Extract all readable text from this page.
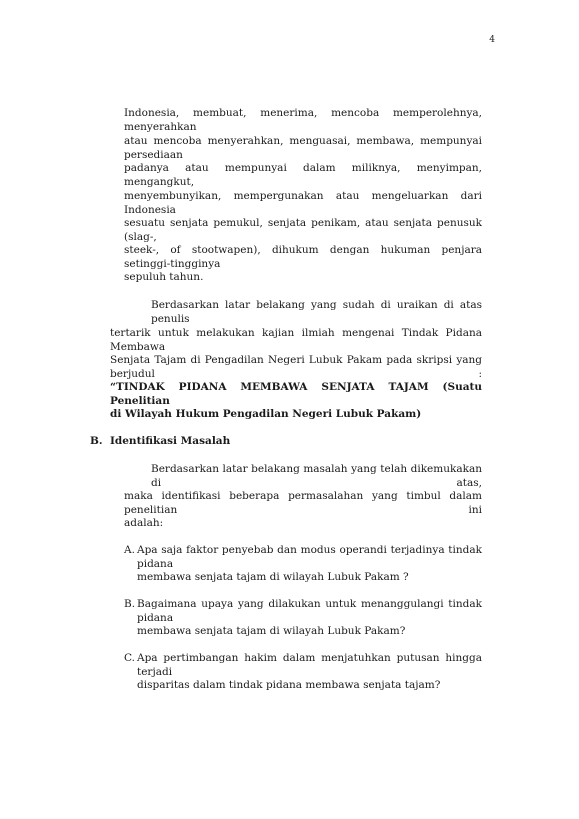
4
Indonesia, membuat, menerima, mencoba memperolehnya, menyerahkan
atau mencoba menyerahkan, menguasai, membawa, mempunyai persediaan
padanya atau mempunyai dalam miliknya, menyimpan, mengangkut,
menyembunyikan, mempergunakan atau mengeluarkan dari Indonesia
sesuatu senjata pemukul, senjata penikam, atau senjata penusuk (slag-,
steek-, of stootwapen), dihukum dengan hukuman penjara setinggi-tingginya
sepuluh tahun.
Berdasarkan latar belakang yang sudah di uraikan di atas penulis
tertarik untuk melakukan kajian ilmiah mengenai Tindak Pidana Membawa
Senjata Tajam di Pengadilan Negeri Lubuk Pakam pada skripsi yang berjudul :
“TINDAK PIDANA MEMBAWA SENJATA TAJAM (Suatu Penelitian
di Wilayah Hukum Pengadilan Negeri Lubuk Pakam)
B. Identifikasi Masalah
Berdasarkan latar belakang masalah yang telah dikemukakan di atas,
maka identifikasi beberapa permasalahan yang timbul dalam penelitian ini
adalah:
A. Apa saja faktor penyebab dan modus operandi terjadinya tindak pidana
membawa senjata tajam di wilayah Lubuk Pakam ?
B. Bagaimana upaya yang dilakukan untuk menanggulangi tindak pidana
membawa senjata tajam di wilayah Lubuk Pakam?
C. Apa pertimbangan hakim dalam menjatuhkan putusan hingga terjadi
disparitas dalam tindak pidana membawa senjata tajam?
